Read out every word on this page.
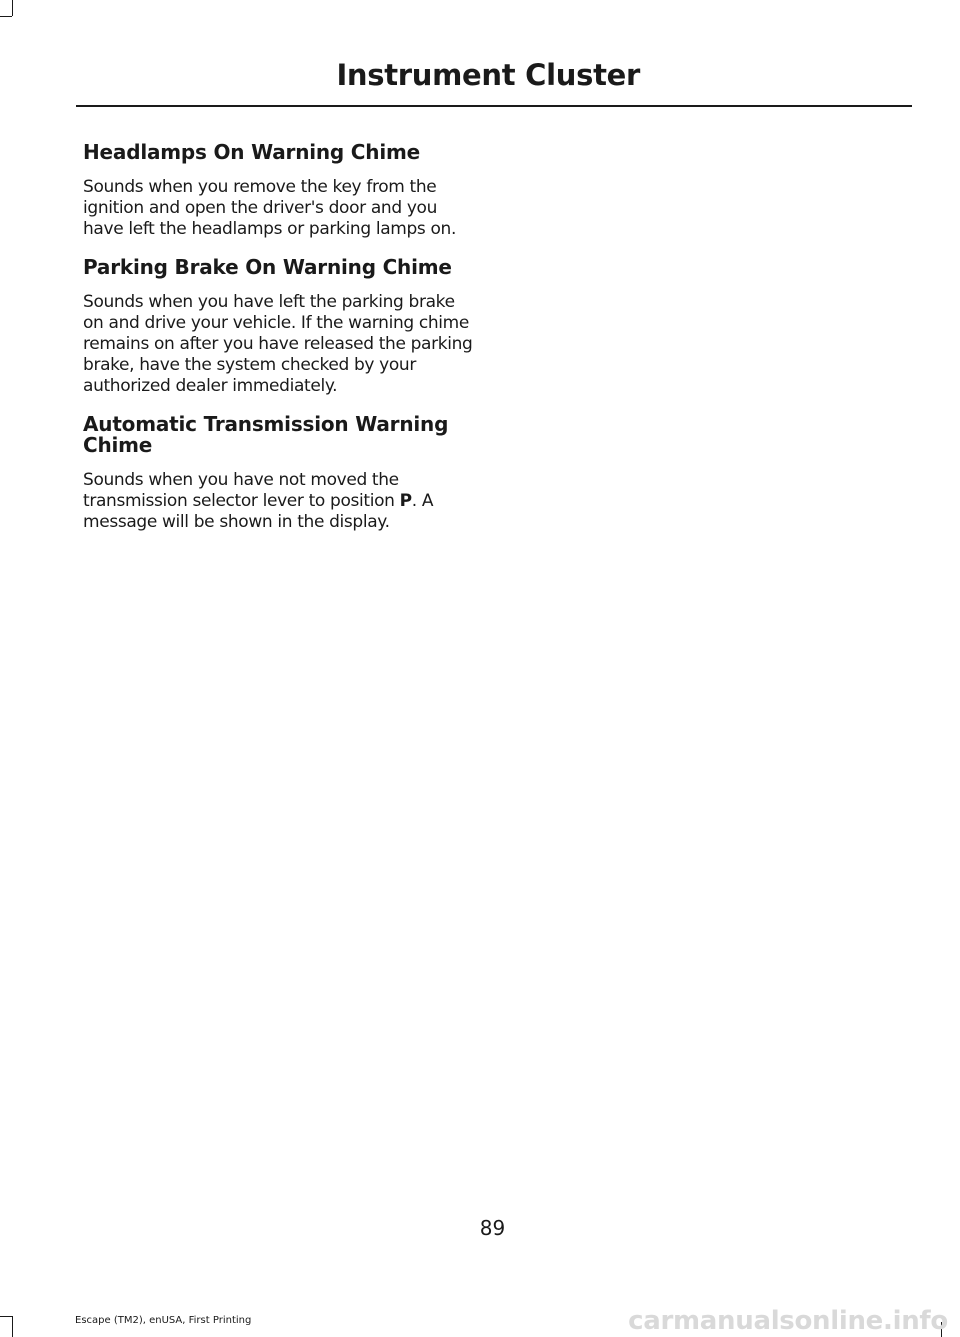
Instrument Cluster
Headlamps On Warning Chime

Sounds when you remove the key from the ignition and open the driver's door and you have left the headlamps or parking lamps on.

Parking Brake On Warning Chime

Sounds when you have left the parking brake on and drive your vehicle. If the warning chime remains on after you have released the parking brake, have the system checked by your authorized dealer immediately.

Automatic Transmission Warning Chime

Sounds when you have not moved the transmission selector lever to position P. A message will be shown in the display.

89
Escape (TM2), enUSA, First Printing	carmanualsonline.info
